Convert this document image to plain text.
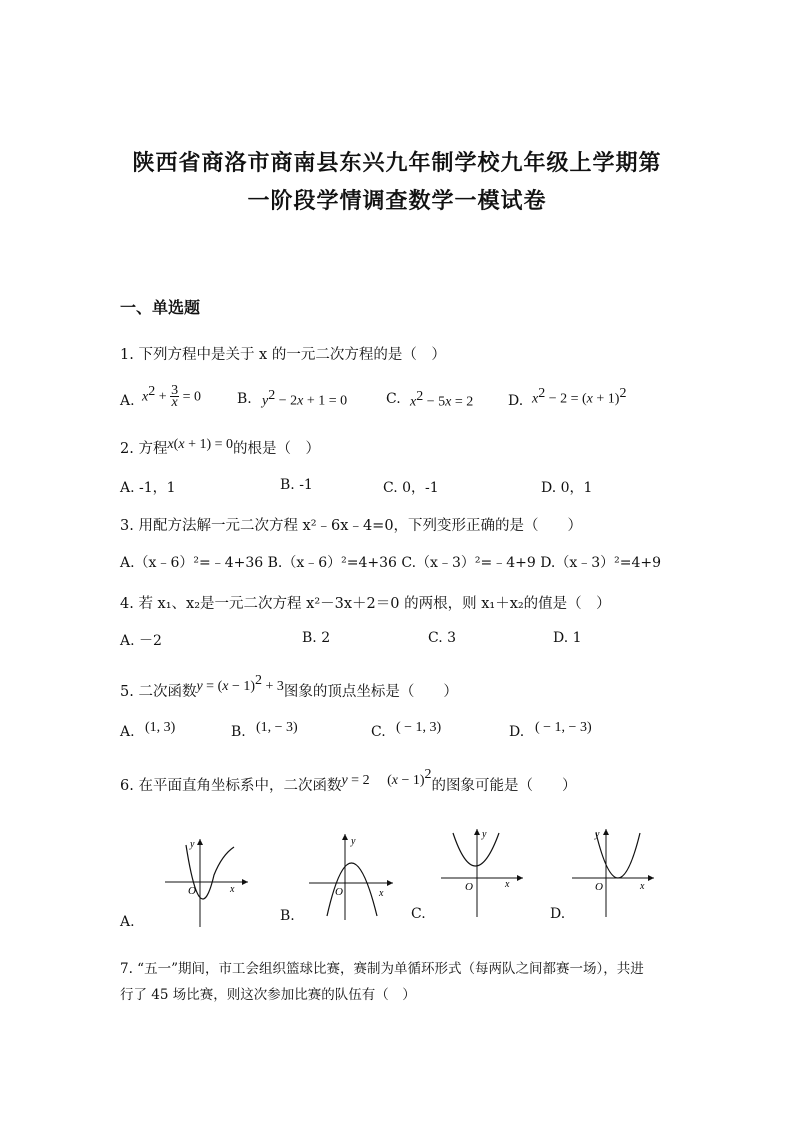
陕西省商洛市商南县东兴九年制学校九年级上学期第
一阶段学情调查数学一模试卷
一、单选题
1. 下列方程中是关于 x 的一元二次方程的是（　）
A. $x^2 + \frac{3}{x} = 0$	B. $y^2 - 2x + 1 = 0$	C. $x^2 - 5x = 2$ D. $x^2 - 2 = (x + 1)^2$
2. 方程x(x + 1) = 0的根是（　）
A. -1，1	B. -1	C. 0，-1	D. 0，1
3. 用配方法解一元二次方程 x²﹣6x﹣4=0，下列变形正确的是（　　）
A.（x﹣6）²=﹣4+36 B.（x﹣6）²=4+36 C.（x﹣3）²=﹣4+9 D.（x﹣3）²=4+9
4. 若 x₁、x₂是一元二次方程 x²－3x＋2＝0 的两根，则 x₁＋x₂的值是（　）
A. －2	B. 2	C. 3	D. 1
5. 二次函数$y = (x - 1)^2 + 3$图象的顶点坐标是（　　）
A. (1, 3)	B. (1, − 3)	C. ( − 1, 3)	D. ( − 1, − 3)
6. 在平面直角坐标系中，二次函数y = 2 　$(x - 1)^2$的图象可能是（　　）
y
x
O
A.
y
x
O
B.
y
x
O
C.
y
x
O
D.
7. “五一”期间，市工会组织篮球比赛，赛制为单循环形式（每两队之间都赛一场），共进
行了 45 场比赛，则这次参加比赛的队伍有（　）
